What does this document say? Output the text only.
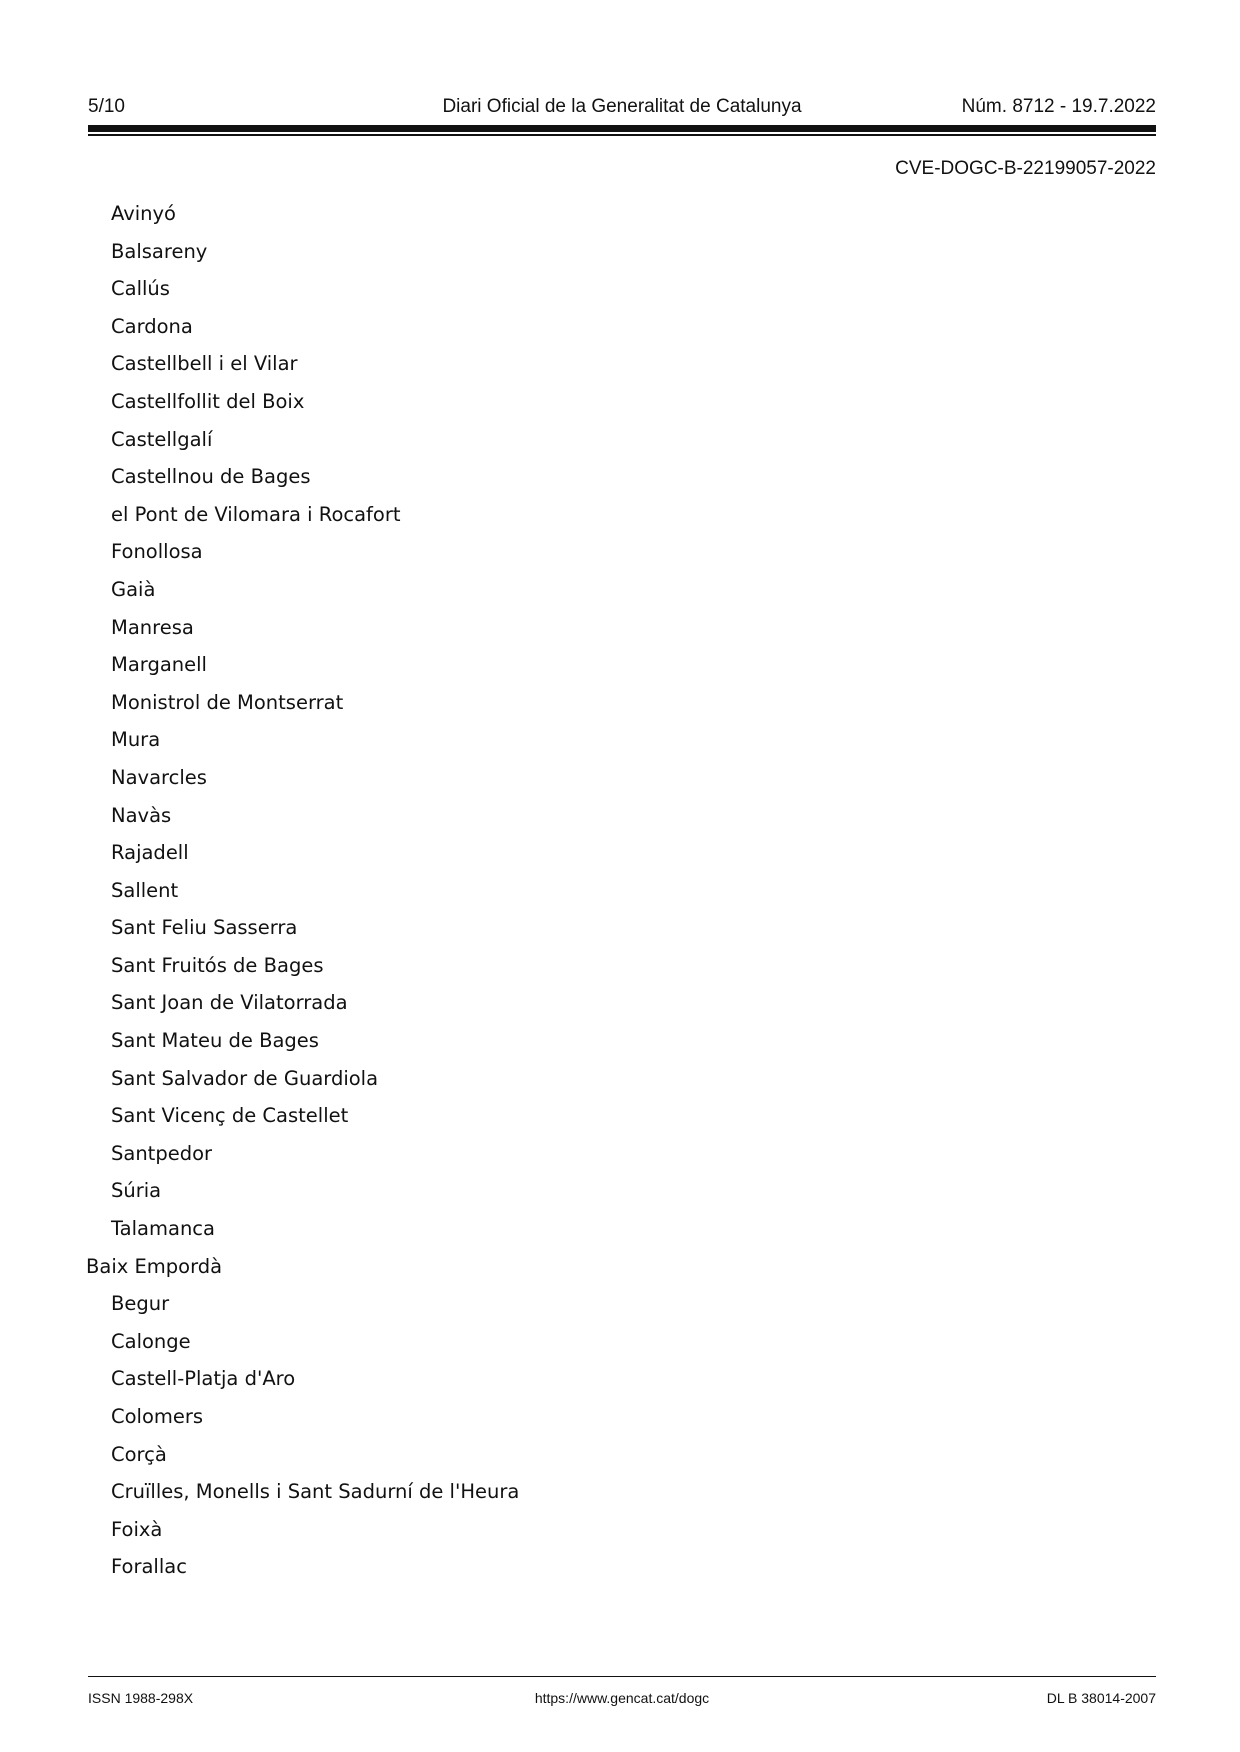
5/10	Diari Oficial de la Generalitat de Catalunya	Núm. 8712 - 19.7.2022
CVE-DOGC-B-22199057-2022
Avinyó
Balsareny
Callús
Cardona
Castellbell i el Vilar
Castellfollit del Boix
Castellgalí
Castellnou de Bages
el Pont de Vilomara i Rocafort
Fonollosa
Gaià
Manresa
Marganell
Monistrol de Montserrat
Mura
Navarcles
Navàs
Rajadell
Sallent
Sant Feliu Sasserra
Sant Fruitós de Bages
Sant Joan de Vilatorrada
Sant Mateu de Bages
Sant Salvador de Guardiola
Sant Vicenç de Castellet
Santpedor
Súria
Talamanca
Baix Empordà
Begur
Calonge
Castell-Platja d'Aro
Colomers
Corçà
Cruïlles, Monells i Sant Sadurní de l'Heura
Foixà
Forallac
ISSN 1988-298X	https://www.gencat.cat/dogc	DL B 38014-2007
